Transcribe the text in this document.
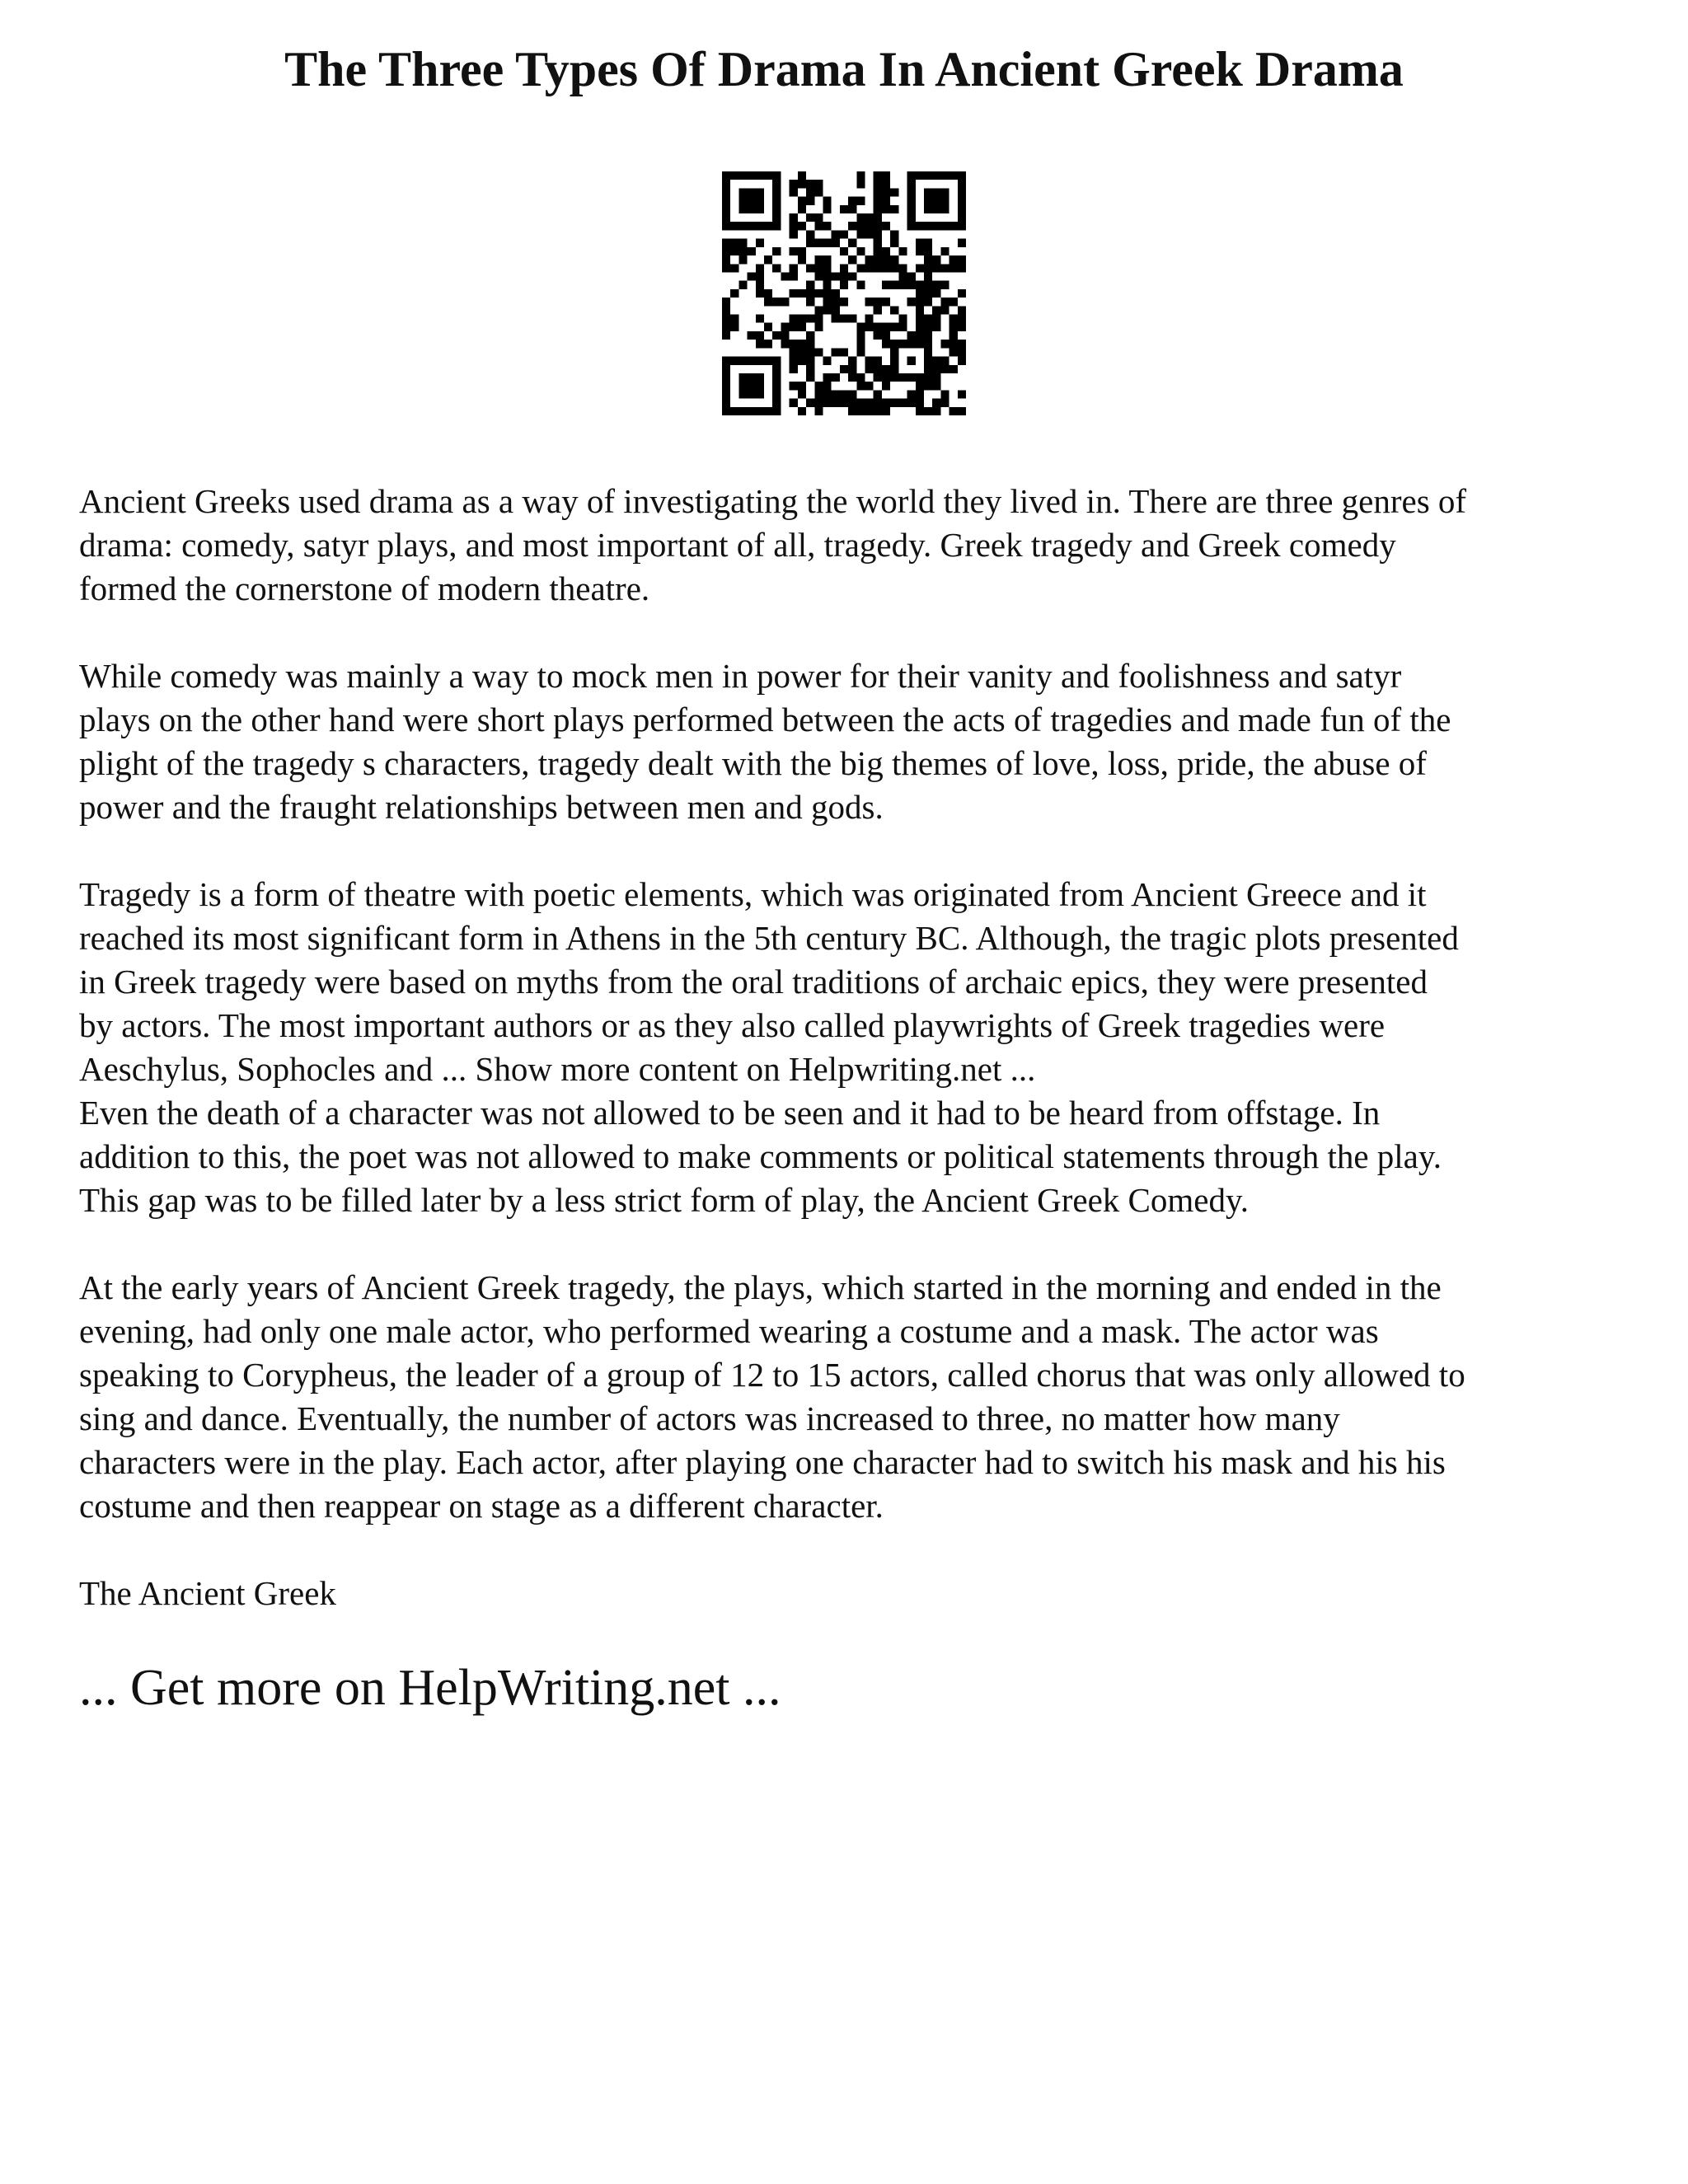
The Three Types Of Drama In Ancient Greek Drama

Ancient Greeks used drama as a way of investigating the world they lived in. There are three genres of
drama: comedy, satyr plays, and most important of all, tragedy. Greek tragedy and Greek comedy
formed the cornerstone of modern theatre.

While comedy was mainly a way to mock men in power for their vanity and foolishness and satyr
plays on the other hand were short plays performed between the acts of tragedies and made fun of the
plight of the tragedy s characters, tragedy dealt with the big themes of love, loss, pride, the abuse of
power and the fraught relationships between men and gods.

Tragedy is a form of theatre with poetic elements, which was originated from Ancient Greece and it
reached its most significant form in Athens in the 5th century BC. Although, the tragic plots presented
in Greek tragedy were based on myths from the oral traditions of archaic epics, they were presented
by actors. The most important authors or as they also called playwrights of Greek tragedies were
Aeschylus, Sophocles and ... Show more content on Helpwriting.net ...

Even the death of a character was not allowed to be seen and it had to be heard from offstage. In
addition to this, the poet was not allowed to make comments or political statements through the play.
This gap was to be filled later by a less strict form of play, the Ancient Greek Comedy.

At the early years of Ancient Greek tragedy, the plays, which started in the morning and ended in the
evening, had only one male actor, who performed wearing a costume and a mask. The actor was
speaking to Corypheus, the leader of a group of 12 to 15 actors, called chorus that was only allowed to
sing and dance. Eventually, the number of actors was increased to three, no matter how many
characters were in the play. Each actor, after playing one character had to switch his mask and his his
costume and then reappear on stage as a different character.

The Ancient Greek

... Get more on HelpWriting.net ...
